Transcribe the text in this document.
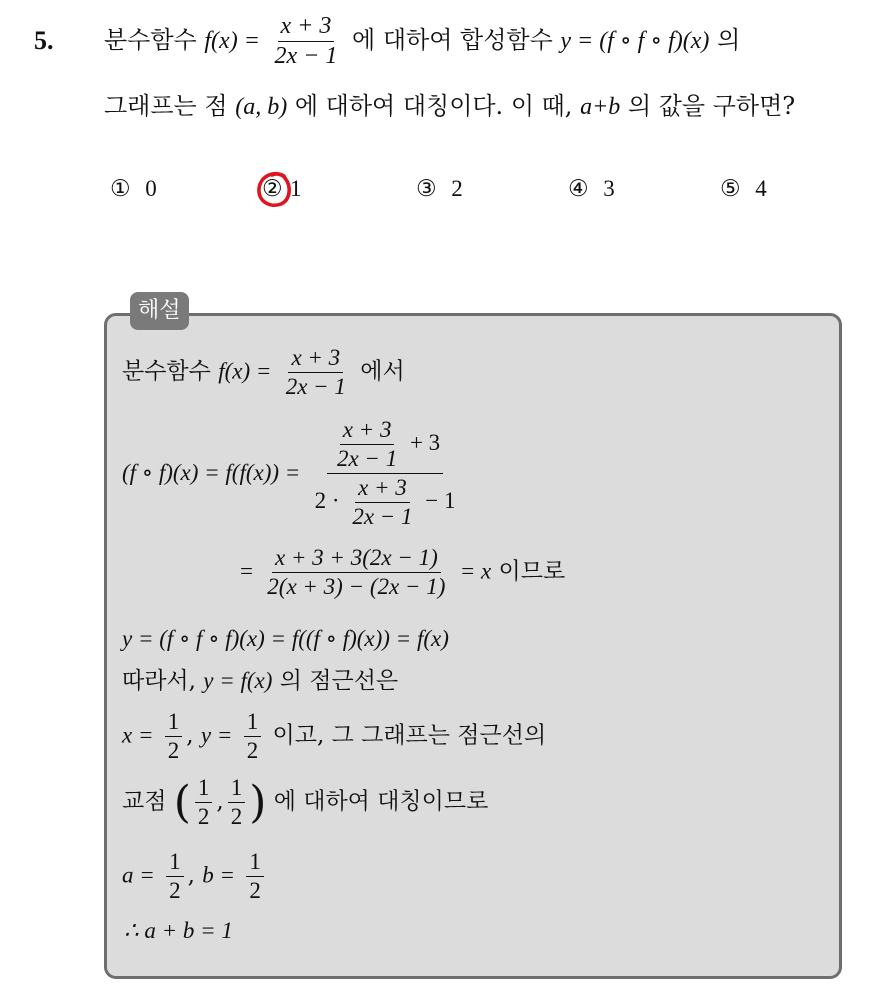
5. 분수함수 $f(x) = \frac{x + 3}{2x - 1}$ 에 대하여 합성함수 y = (f ∘ f ∘ f)(x) 의
그래프는 점 (a, b) 에 대하여 대칭이다. 이 때, a+b 의 값을 구하면?
① 0	② 1	③ 2	④ 3	⑤ 4
해설
분수함수 $f(x) = \frac{x + 3}{2x - 1}$ 에서
(f ∘ $f)(x) = f(f(x)) = \frac{\frac{x + 3}{2x - 1} + 3}{2 \cdot \frac{x + 3}{2x - 1} - 1}$
= $\frac{x + 3 + 3(2x - 1)}{2(x + 3) - (2x - 1)} = x$ 이므로
y = (f ∘ f ∘ f)(x) = f((f ∘ f)(x)) = f(x)
따라서, y = f(x) 의 점근선은
$x = \frac{1}{2}$ , $y = \frac{1}{2}$ 이고, 그 그래프는 점근선의
교점 ( $\frac{1}{2}$ , $\frac{1}{2}$ ) 에 대하여 대칭이므로
$a = \frac{1}{2}$ , $b = \frac{1}{2}$
∴ a + b = 1
